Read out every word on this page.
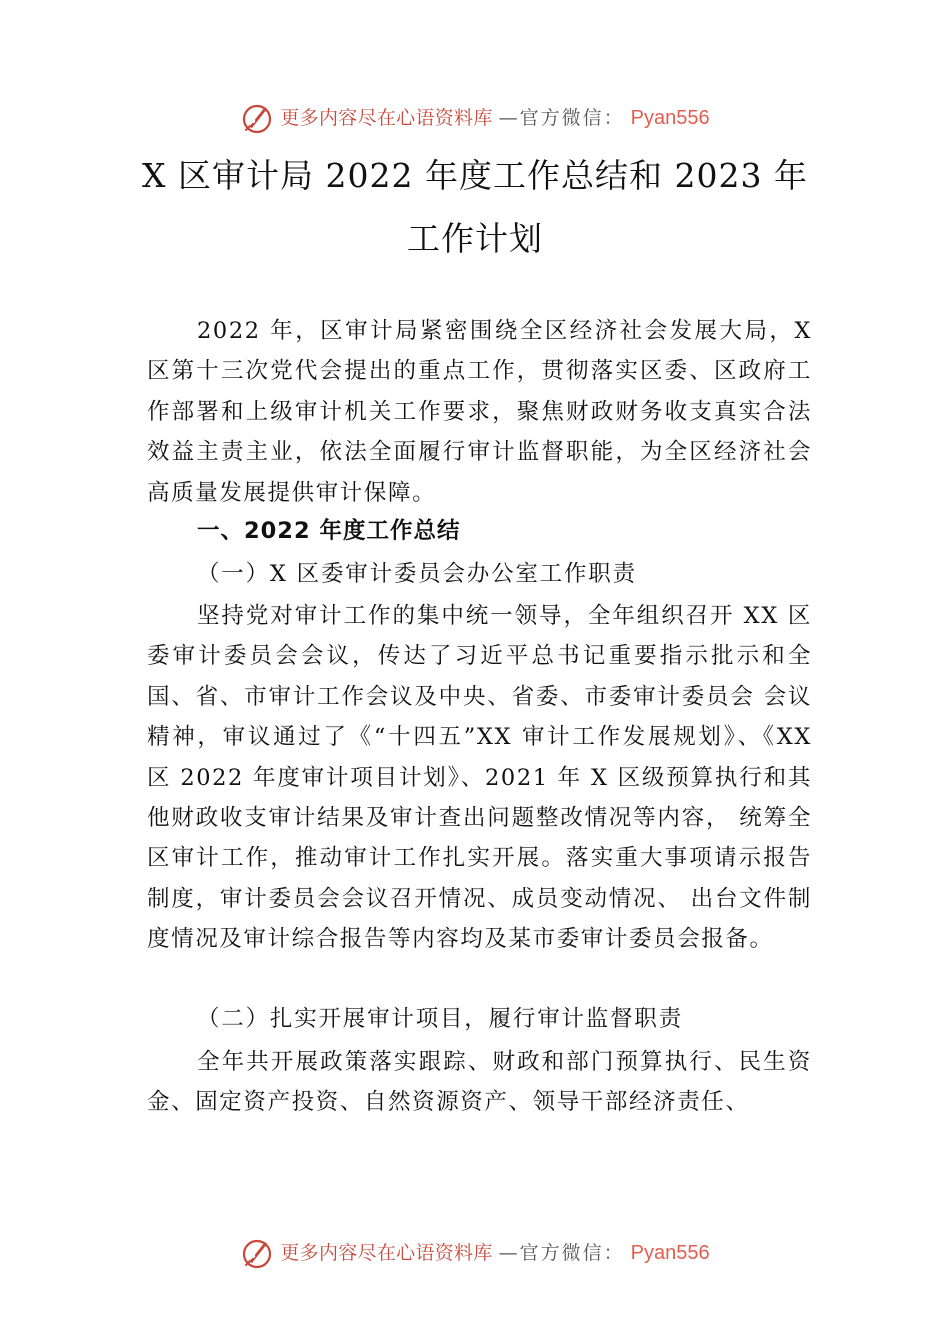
更多内容尽在心语资料库 —官方微信： Pyan556
X 区审计局 2022 年度工作总结和 2023 年
工作计划

2022 年，区审计局紧密围绕全区经济社会发展大局，X 区第十三次党代会提出的重点工作，贯彻落实区委、区政府工作部署和上级审计机关工作要求，聚焦财政财务收支真实合法效益主责主业，依法全面履行审计监督职能，为全区经济社会高质量发展提供审计保障。

一、2022 年度工作总结
（一）X 区委审计委员会办公室工作职责

坚持党对审计工作的集中统一领导，全年组织召开 XX 区委审计委员会会议，传达了习近平总书记重要指示批示和全国、省、市审计工作会议及中央、省委、市委审计委员会 会议精神，审议通过了《“十四五”XX 审计工作发展规划》、《XX 区 2022 年度审计项目计划》、2021 年 X 区级预算执行和其他财政收支审计结果及审计查出问题整改情况等内容， 统筹全区审计工作，推动审计工作扎实开展。落实重大事项请示报告制度，审计委员会会议召开情况、成员变动情况、 出台文件制度情况及审计综合报告等内容均及某市委审计委员会报备。

（二）扎实开展审计项目，履行审计监督职责

全年共开展政策落实跟踪、财政和部门预算执行、民生资金、固定资产投资、自然资源资产、领导干部经济责任、

更多内容尽在心语资料库 —官方微信： Pyan556
